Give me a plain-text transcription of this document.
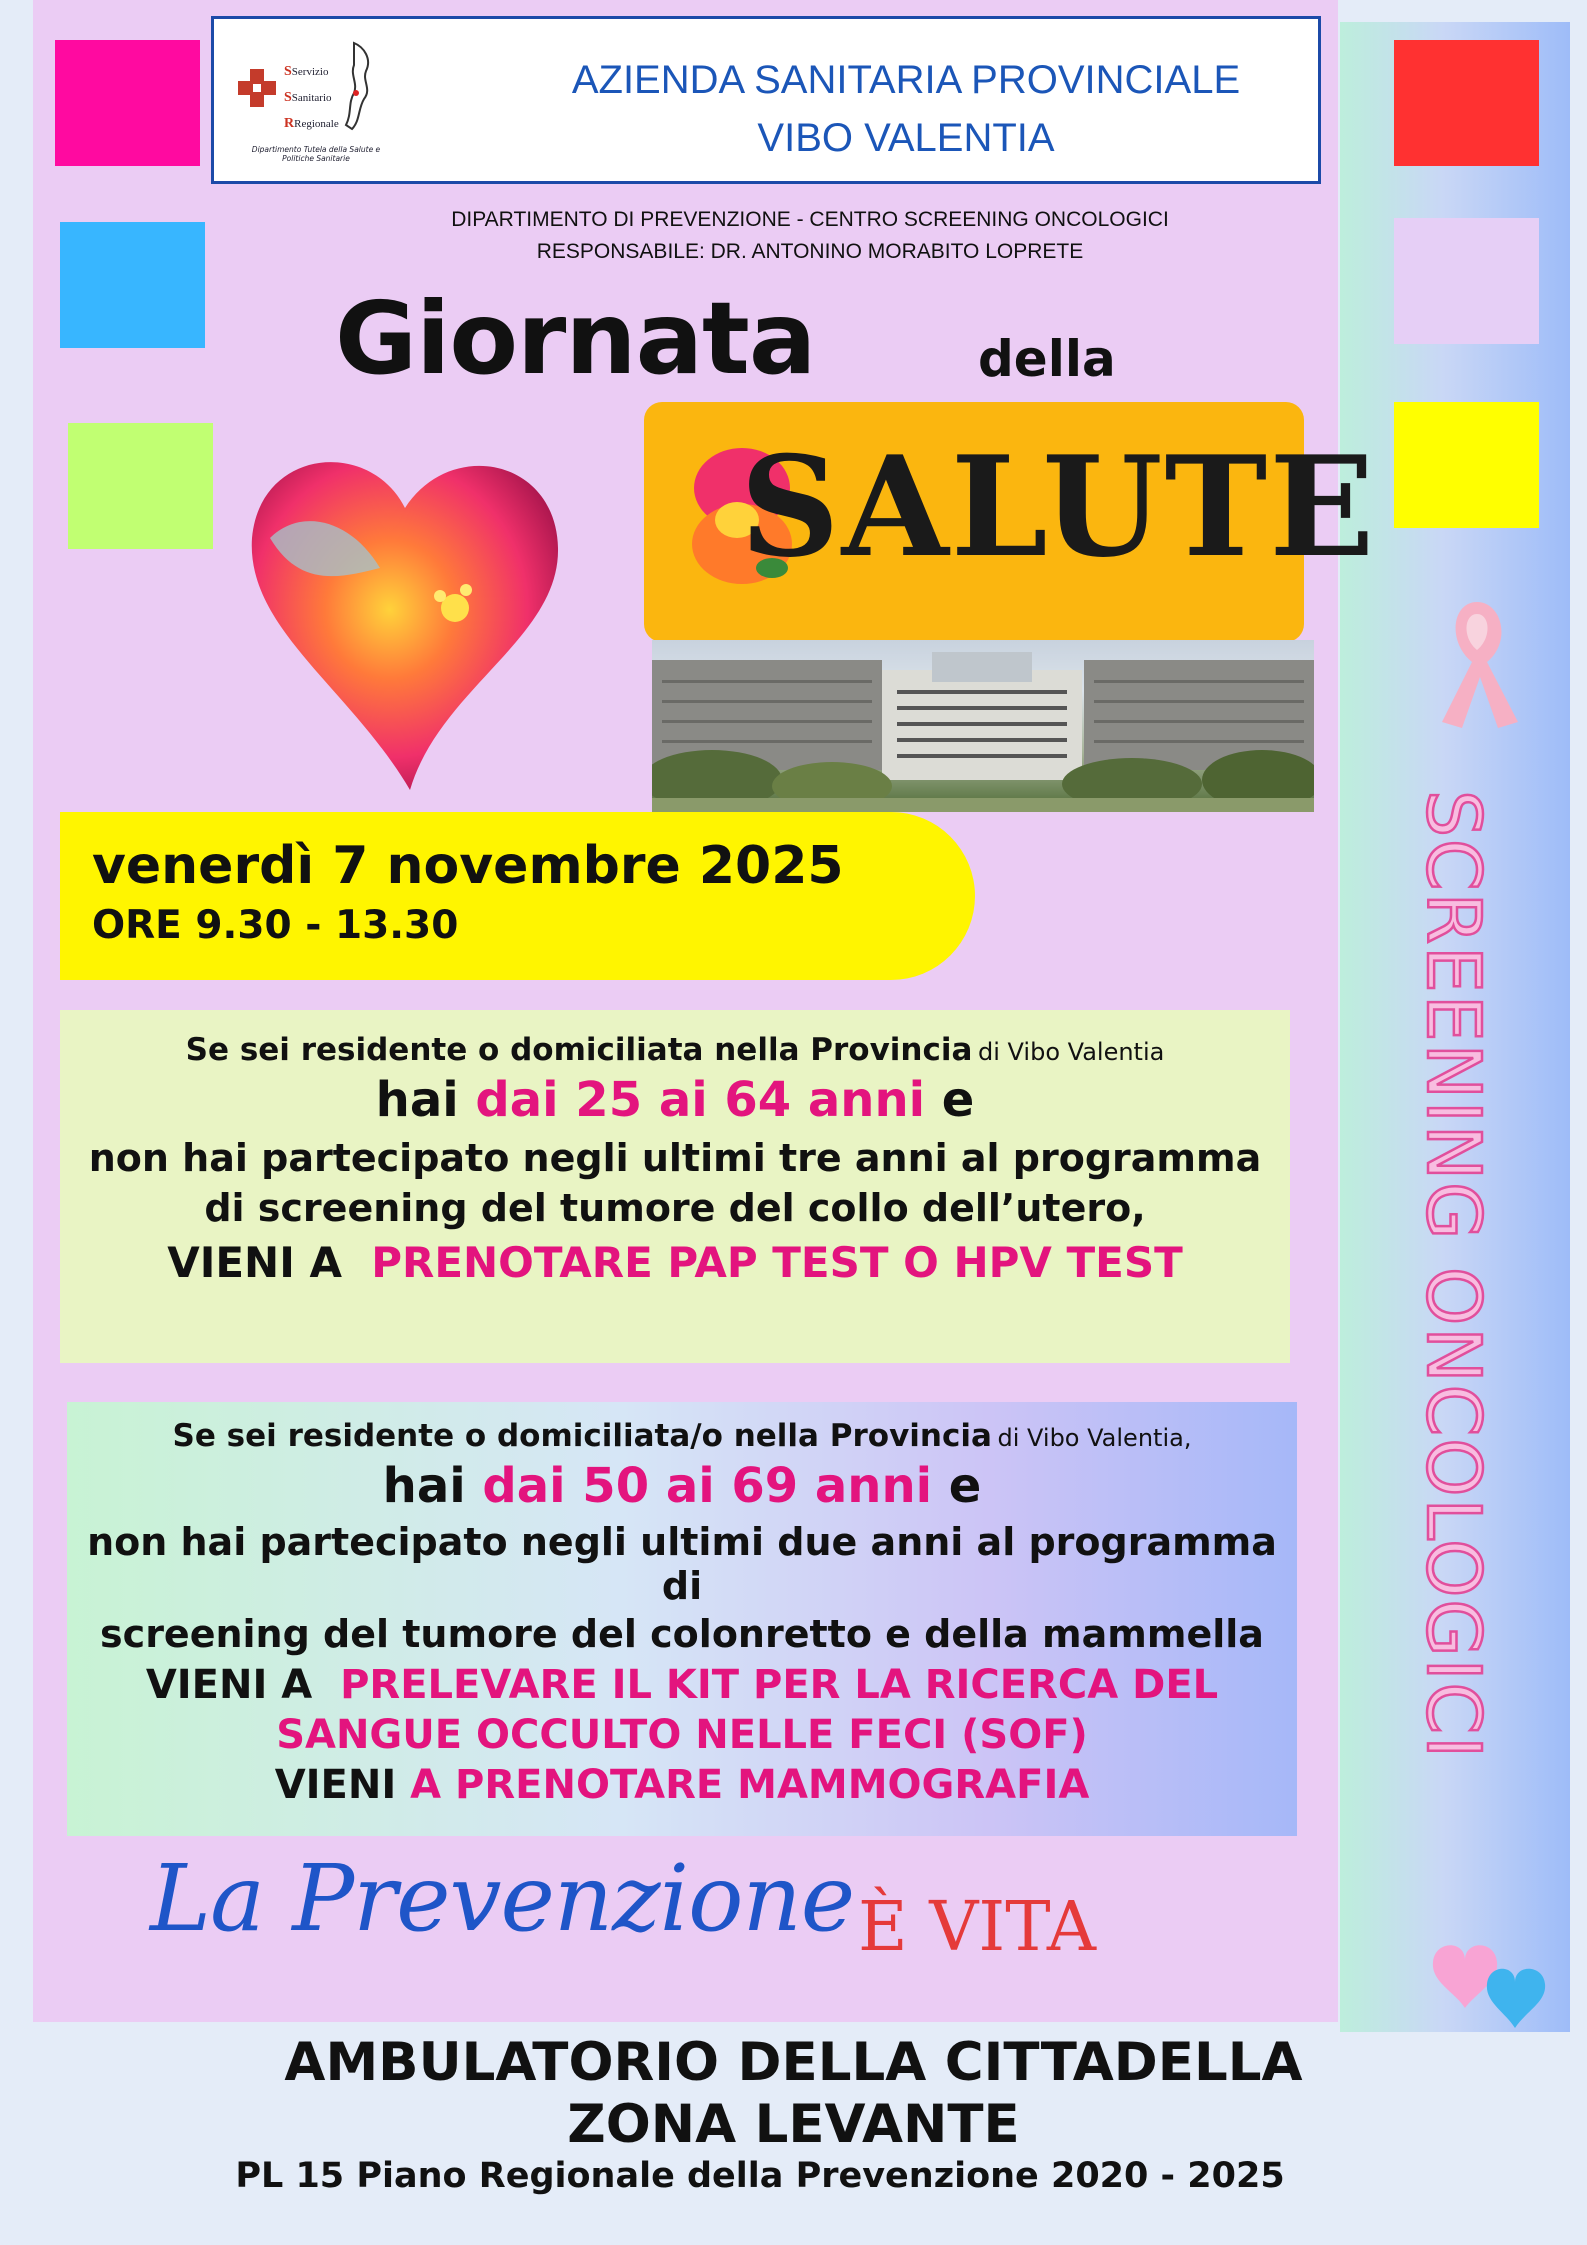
SServizio
SSanitario
RRegionale
Dipartimento Tutela della Salute e Politiche Sanitarie
AZIENDA SANITARIA PROVINCIALE
VIBO VALENTIA
DIPARTIMENTO DI PREVENZIONE - CENTRO SCREENING ONCOLOGICI
RESPONSABILE: DR. ANTONINO MORABITO LOPRETE
Giornata	della
SALUTE
venerdì 7 novembre 2025
ORE 9.30 - 13.30
Se sei residente o domiciliata nella Provincia di Vibo Valentia
hai dai 25 ai 64 anni e
non hai partecipato negli ultimi tre anni al programma
di screening del tumore del collo dell’utero,
VIENI A PRENOTARE PAP TEST O HPV TEST
Se sei residente o domiciliata/o nella Provincia di Vibo Valentia,
hai dai 50 ai 69 anni e
non hai partecipato negli ultimi due anni al programma di
screening del tumore del colonretto e della mammella
VIENI A PRELEVARE IL KIT PER LA RICERCA DEL
SANGUE OCCULTO NELLE FECI (SOF)
VIENI A PRENOTARE MAMMOGRAFIA
La Prevenzione È VITA
SCREENING ONCOLOGICI
AMBULATORIO DELLA CITTADELLA
ZONA LEVANTE
PL 15 Piano Regionale della Prevenzione 2020 - 2025
